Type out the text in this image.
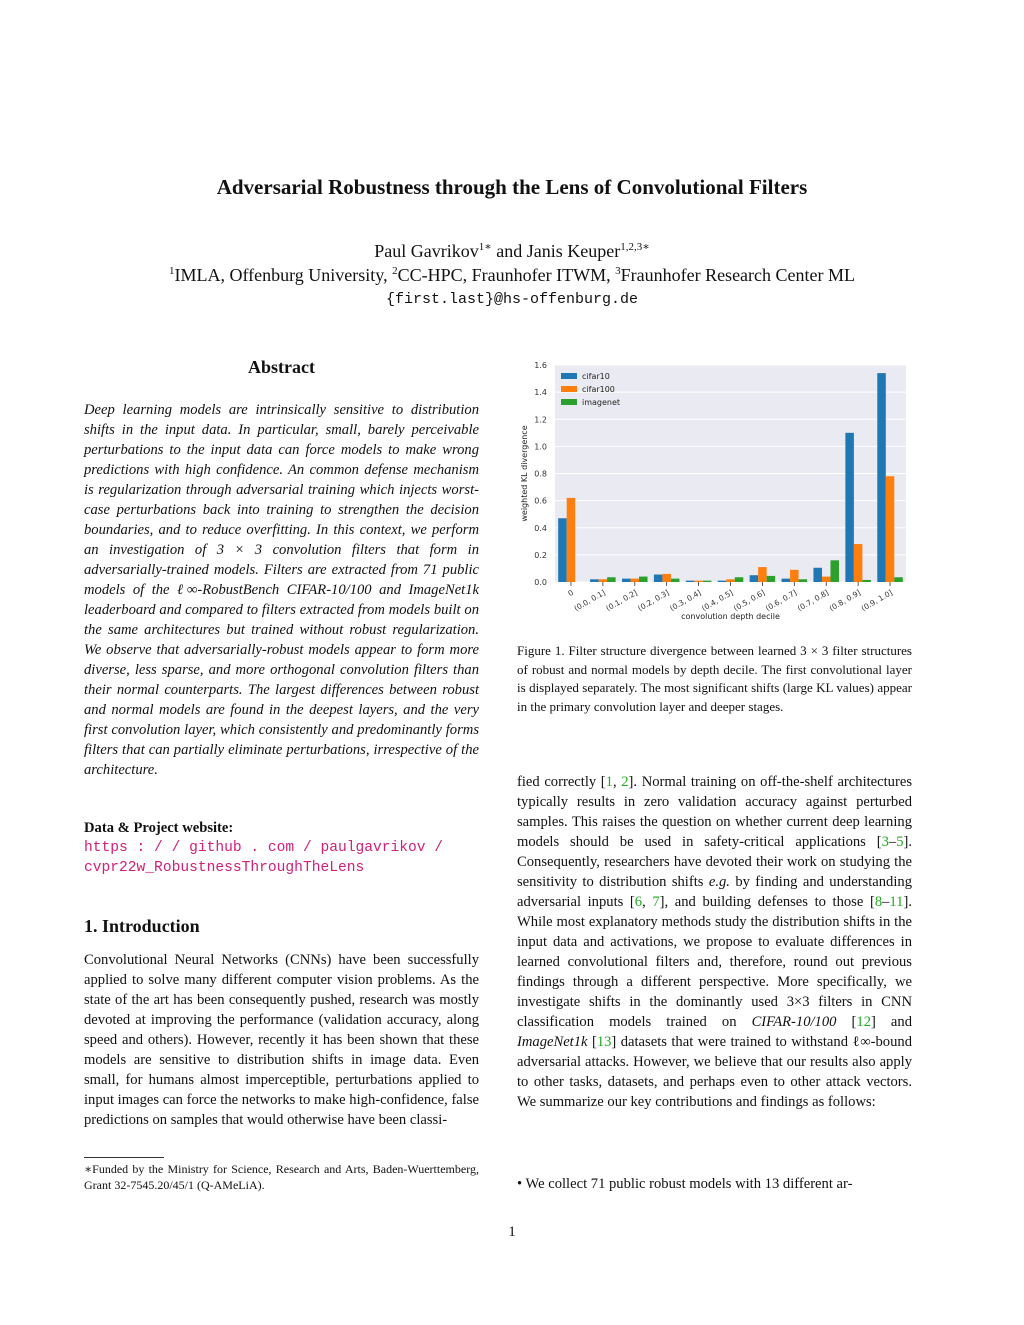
Adversarial Robustness through the Lens of Convolutional Filters
Paul Gavrikov$^{1∗}$ and Janis Keuper$^{1,2,3∗}$
$^1$IMLA, Offenburg University, $^2$CC-HPC, Fraunhofer ITWM, $^3$Fraunhofer Research Center ML
{first.last}@hs-offenburg.de
Abstract
Deep learning models are intrinsically sensitive to distribution shifts in the input data. In particular, small, barely perceivable perturbations to the input data can force models to make wrong predictions with high confidence. An common defense mechanism is regularization through adversarial training which injects worst-case perturbations back into training to strengthen the decision boundaries, and to reduce overfitting. In this context, we perform an investigation of 3 × 3 convolution filters that form in adversarially-trained models. Filters are extracted from 71 public models of the ℓ∞-RobustBench CIFAR-10/100 and ImageNet1k leaderboard and compared to filters extracted from models built on the same architectures but trained without robust regularization. We observe that adversarially-robust models appear to form more diverse, less sparse, and more orthogonal convolution filters than their normal counterparts. The largest differences between robust and normal models are found in the deepest layers, and the very first convolution layer, which consistently and predominantly forms filters that can partially eliminate perturbations, irrespective of the architecture.
Data & Project website:
https : / / github . com / paulgavrikov /
cvpr22w_RobustnessThroughTheLens
1. Introduction
Convolutional Neural Networks (CNNs) have been successfully applied to solve many different computer vision problems. As the state of the art has been consequently pushed, research was mostly devoted at improving the performance (validation accuracy, along speed and others). However, recently it has been shown that these models are sensitive to distribution shifts in image data. Even small, for humans almost imperceptible, perturbations applied to input images can force the networks to make high-confidence, false predictions on samples that would otherwise have been classi-
∗Funded by the Ministry for Science, Research and Arts, Baden-Wuerttemberg, Grant 32-7545.20/45/1 (Q-AMeLiA).
0.0
0.2
0.4
0.6
0.8
1.0
1.2
1.4
1.6
0
(0.0, 0.1]
(0.1, 0.2]
(0.2, 0.3]
(0.3, 0.4]
(0.4, 0.5]
(0.5, 0.6]
(0.6, 0.7]
(0.7, 0.8]
(0.8, 0.9]
(0.9, 1.0]
convolution depth decile
weighted KL divergence
cifar10
cifar100
imagenet
Figure 1. Filter structure divergence between learned 3 × 3 filter structures of robust and normal models by depth decile. The first convolutional layer is displayed separately. The most significant shifts (large KL values) appear in the primary convolution layer and deeper stages.
fied correctly [1, 2]. Normal training on off-the-shelf architectures typically results in zero validation accuracy against perturbed samples. This raises the question on whether current deep learning models should be used in safety-critical applications [3–5]. Consequently, researchers have devoted their work on studying the sensitivity to distribution shifts e.g. by finding and understanding adversarial inputs [6, 7], and building defenses to those [8–11]. While most explanatory methods study the distribution shifts in the input data and activations, we propose to evaluate differences in learned convolutional filters and, therefore, round out previous findings through a different perspective. More specifically, we investigate shifts in the dominantly used 3×3 filters in CNN classification models trained on CIFAR-10/100 [12] and ImageNet1k [13] datasets that were trained to withstand ℓ∞-bound adversarial attacks. However, we believe that our results also apply to other tasks, datasets, and perhaps even to other attack vectors. We summarize our key contributions and findings as follows:
• We collect 71 public robust models with 13 different ar-
1
